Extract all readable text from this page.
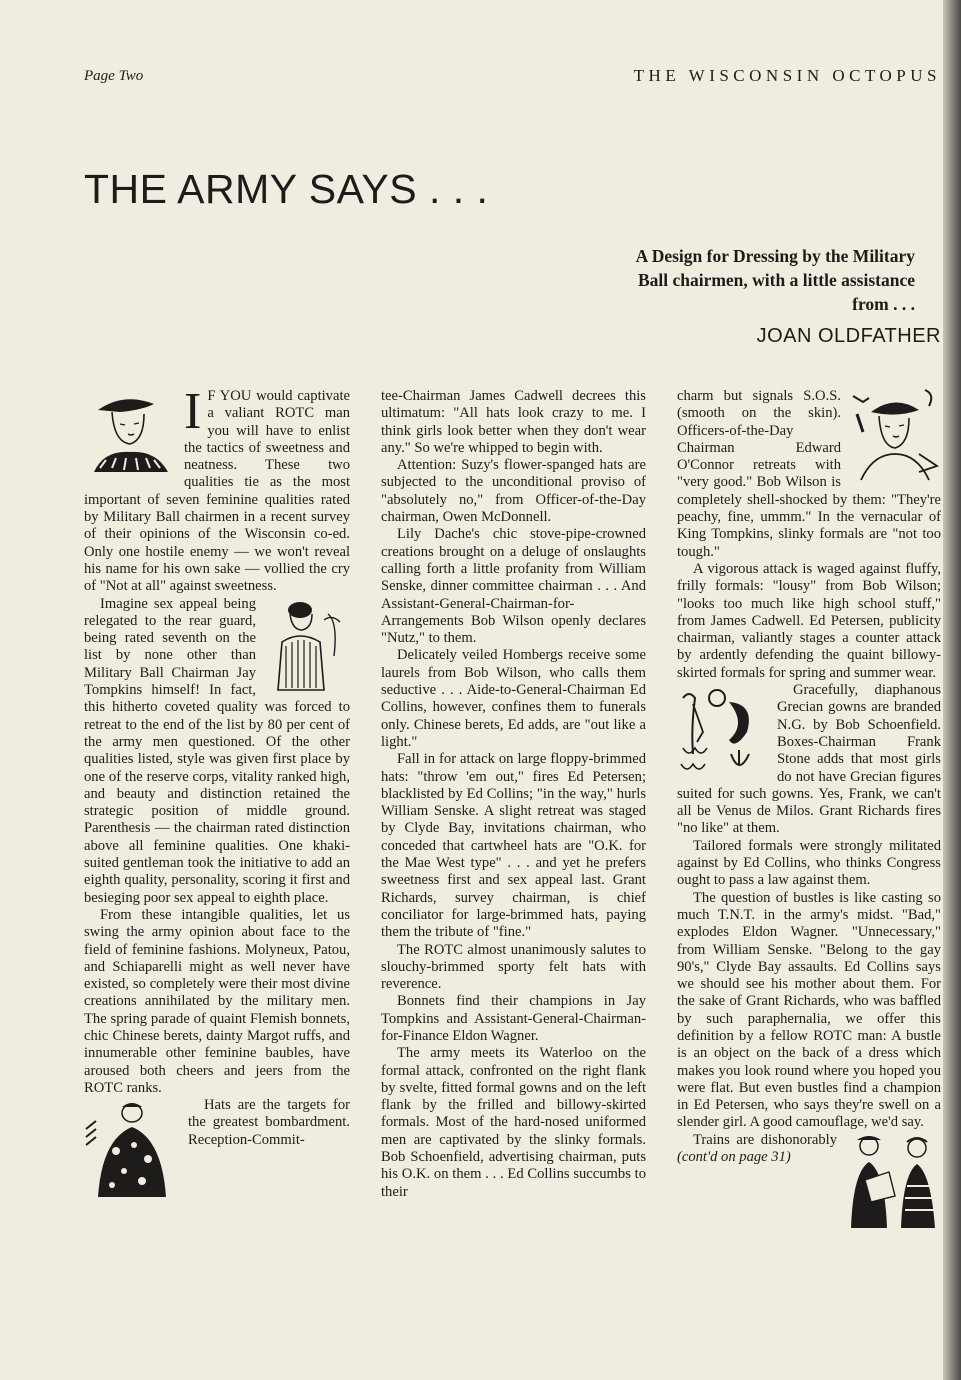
Page Two	THE WISCONSIN OCTOPUS
THE ARMY SAYS . . .
A Design for Dressing by the Military Ball chairmen, with a little assistance from . . .
JOAN OLDFATHER
I F YOU would captivate a valiant ROTC man you will have to enlist the tactics of sweetness and neatness. These two qualities tie as the most important of seven feminine qualities rated by Military Ball chairmen in a recent survey of their opinions of the Wisconsin co-ed. Only one hostile enemy — we won't reveal his name for his own sake — vollied the cry of "Not at all" against sweetness.

Imagine sex appeal being relegated to the rear guard, being rated seventh on the list by none other than Military Ball Chairman Jay Tompkins himself! In fact, this hitherto coveted quality was forced to retreat to the end of the list by 80 per cent of the army men questioned. Of the other qualities listed, style was given first place by one of the reserve corps, vitality ranked high, and beauty and distinction retained the strategic position of middle ground. Parenthesis — the chairman rated distinction above all feminine qualities. One khaki-suited gentleman took the initiative to add an eighth quality, personality, scoring it first and besieging poor sex appeal to eighth place.

From these intangible qualities, let us swing the army opinion about face to the field of feminine fashions. Molyneux, Patou, and Schiaparelli might as well never have existed, so completely were their most divine creations annihilated by the military men. The spring parade of quaint Flemish bonnets, chic Chinese berets, dainty Margot ruffs, and innumerable other feminine baubles, have aroused both cheers and jeers from the ROTC ranks.

Hats are the targets for the greatest bombardment. Reception-Commit-

tee-Chairman James Cadwell decrees this ultimatum: "All hats look crazy to me. I think girls look better when they don't wear any." So we're whipped to begin with.

Attention: Suzy's flower-spanged hats are subjected to the unconditional proviso of "absolutely no," from Officer-of-the-Day chairman, Owen McDonnell.

Lily Dache's chic stove-pipe-crowned creations brought on a deluge of onslaughts calling forth a little profanity from William Senske, dinner committee chairman . . . And Assistant-General-Chairman-for-Arrangements Bob Wilson openly declares "Nutz," to them.

Delicately veiled Hombergs receive some laurels from Bob Wilson, who calls them seductive . . . Aide-to-General-Chairman Ed Collins, however, confines them to funerals only. Chinese berets, Ed adds, are "out like a light."

Fall in for attack on large floppy-brimmed hats: "throw 'em out," fires Ed Petersen; blacklisted by Ed Collins; "in the way," hurls William Senske. A slight retreat was staged by Clyde Bay, invitations chairman, who conceded that cartwheel hats are "O.K. for the Mae West type" . . . and yet he prefers sweetness first and sex appeal last. Grant Richards, survey chairman, is chief conciliator for large-brimmed hats, paying them the tribute of "fine."

The ROTC almost unanimously salutes to slouchy-brimmed sporty felt hats with reverence.

Bonnets find their champions in Jay Tompkins and Assistant-General-Chairman-for-Finance Eldon Wagner.

The army meets its Waterloo on the formal attack, confronted on the right flank by svelte, fitted formal gowns and on the left flank by the frilled and billowy-skirted formals. Most of the hard-nosed uniformed men are captivated by the slinky formals. Bob Schoenfield, advertising chairman, puts his O.K. on them . . . Ed Collins succumbs to their

charm but signals S.O.S. (smooth on the skin). Officers-of-the-Day Chairman Edward O'Connor retreats with "very good." Bob Wilson is completely shell-shocked by them: "They're peachy, fine, ummm." In the vernacular of King Tompkins, slinky formals are "not too tough."

A vigorous attack is waged against fluffy, frilly formals: "lousy" from Bob Wilson; "looks too much like high school stuff," from James Cadwell. Ed Petersen, publicity chairman, valiantly stages a counter attack by ardently defending the quaint billowy-skirted formals for spring and summer wear.

Gracefully, diaphanous Grecian gowns are branded N.G. by Bob Schoenfield. Boxes-Chairman Frank Stone adds that most girls do not have Grecian figures suited for such gowns. Yes, Frank, we can't all be Venus de Milos. Grant Richards fires "no like" at them.

Tailored formals were strongly militated against by Ed Collins, who thinks Congress ought to pass a law against them.

The question of bustles is like casting so much T.N.T. in the army's midst. "Bad," explodes Eldon Wagner. "Unnecessary," from William Senske. "Belong to the gay 90's," Clyde Bay assaults. Ed Collins says we should see his mother about them. For the sake of Grant Richards, who was baffled by such paraphernalia, we offer this definition by a fellow ROTC man: A bustle is an object on the back of a dress which makes you look round where you hoped you were flat. But even bustles find a champion in Ed Petersen, who says they're swell on a slender girl. A good camouflage, we'd say.

Trains are dishonorably (cont'd on page 31)
